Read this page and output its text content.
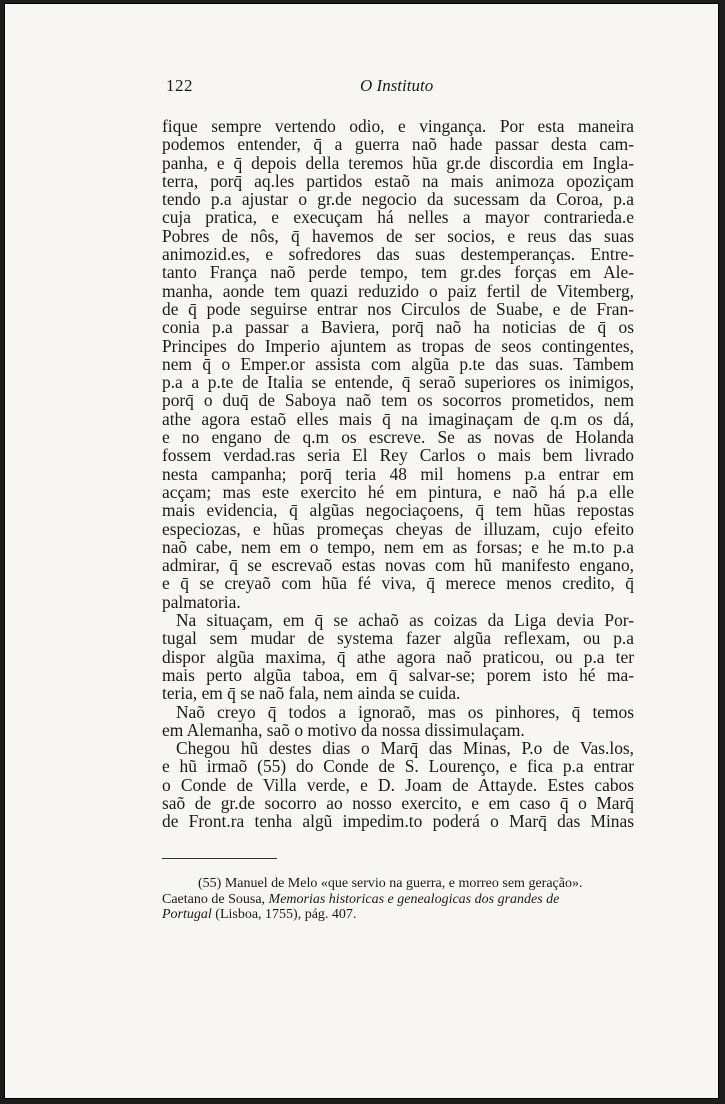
122	O Instituto
fique sempre vertendo odio, e vingança. Por esta maneira
podemos entender, q̄ a guerra naõ hade passar desta cam-
panha, e q̄ depois della teremos hũa gr.de discordia em Ingla-
terra, porq̄ aq.les partidos estaõ na mais animoza opoziçam
tendo p.a ajustar o gr.de negocio da sucessam da Coroa, p.a
cuja pratica, e execuçam há nelles a mayor contrarieda.e
Pobres de nôs, q̄ havemos de ser socios, e reus das suas
animozid.es, e sofredores das suas destemperanças. Entre-
tanto França naõ perde tempo, tem gr.des forças em Ale-
manha, aonde tem quazi reduzido o paiz fertil de Vitemberg,
de q̄ pode seguirse entrar nos Circulos de Suabe, e de Fran-
conia p.a passar a Baviera, porq̄ naõ ha noticias de q̄ os
Principes do Imperio ajuntem as tropas de seos contingentes,
nem q̄ o Emper.or assista com algũa p.te das suas. Tambem
p.a a p.te de Italia se entende, q̄ seraõ superiores os inimigos,
porq̄ o duq̄ de Saboya naõ tem os socorros prometidos, nem
athe agora estaõ elles mais q̄ na imaginaçam de q.m os dá,
e no engano de q.m os escreve. Se as novas de Holanda
fossem verdad.ras seria El Rey Carlos o mais bem livrado
nesta campanha; porq̄ teria 48 mil homens p.a entrar em
acçam; mas este exercito hé em pintura, e naõ há p.a elle
mais evidencia, q̄ algũas negociaçoens, q̄ tem hũas repostas
especiozas, e hũas promeças cheyas de illuzam, cujo efeito
naõ cabe, nem em o tempo, nem em as forsas; e he m.to p.a
admirar, q̄ se escrevaõ estas novas com hũ manifesto engano,
e q̄ se creyaõ com hũa fé viva, q̄ merece menos credito, q̄
palmatoria.
Na situaçam, em q̄ se achaõ as coizas da Liga devia Por-
tugal sem mudar de systema fazer algũa reflexam, ou p.a
dispor algũa maxima, q̄ athe agora naõ praticou, ou p.a ter
mais perto algũa taboa, em q̄ salvar-se; porem isto hé ma-
teria, em q̄ se naõ fala, nem ainda se cuida.
Naõ creyo q̄ todos a ignoraõ, mas os pinhores, q̄ temos
em Alemanha, saõ o motivo da nossa dissimulaçam.
Chegou hũ destes dias o Marq̄ das Minas, P.o de Vas.los,
e hũ irmaõ (55) do Conde de S. Lourenço, e fica p.a entrar
o Conde de Villa verde, e D. Joam de Attayde. Estes cabos
saõ de gr.de socorro ao nosso exercito, e em caso q̄ o Marq̄
de Front.ra tenha algũ impedim.to poderá o Marq̄ das Minas
(55) Manuel de Melo «que servio na guerra, e morreo sem geração».
Caetano de Sousa, Memorias historicas e genealogicas dos grandes de
Portugal (Lisboa, 1755), pág. 407.
